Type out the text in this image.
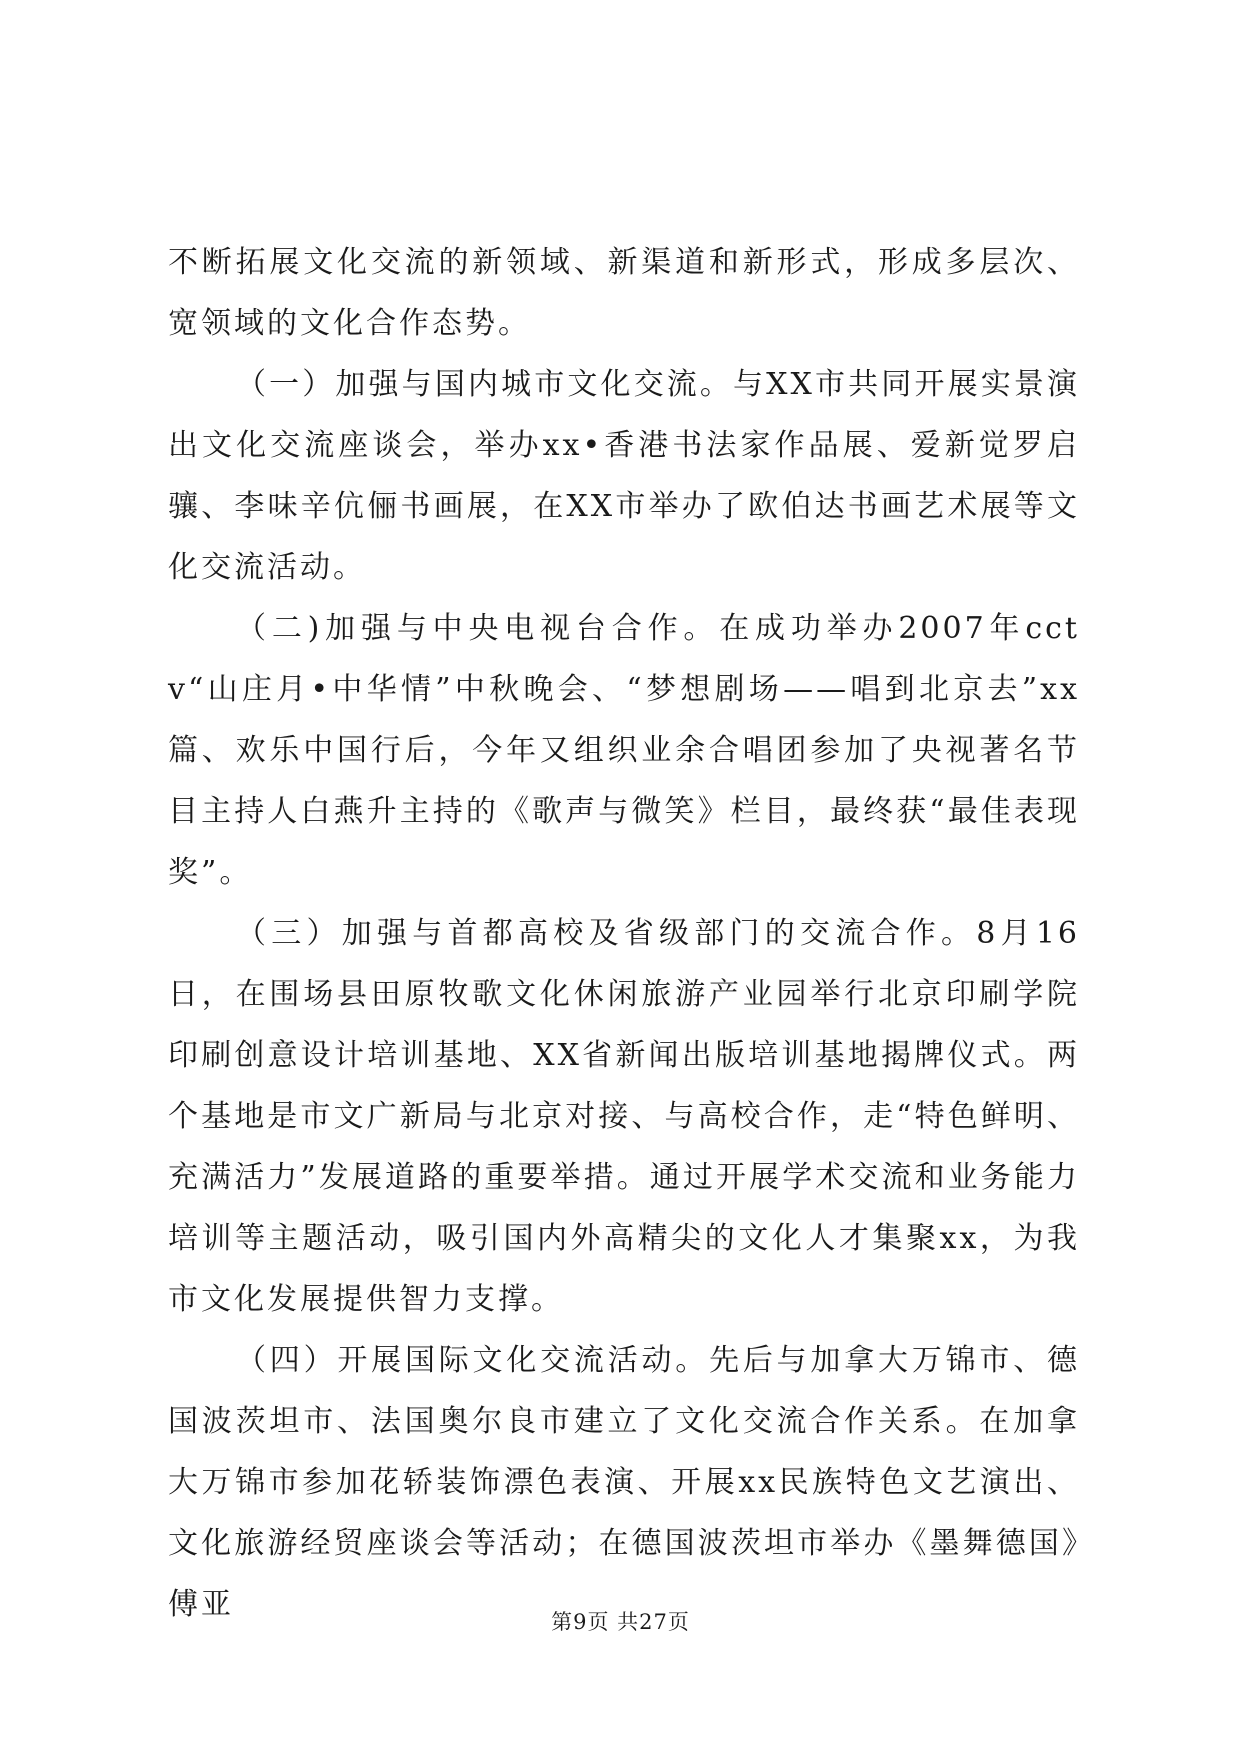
不断拓展文化交流的新领域、新渠道和新形式，形成多层次、宽领域的文化合作态势。

（一）加强与国内城市文化交流。与XX市共同开展实景演出文化交流座谈会，举办xx•香港书法家作品展、爱新觉罗启骧、李味辛伉俪书画展，在XX市举办了欧伯达书画艺术展等文化交流活动。

（二)加强与中央电视台合作。在成功举办2007年cctv“山庄月•中华情”中秋晚会、“梦想剧场——唱到北京去”xx篇、欢乐中国行后，今年又组织业余合唱团参加了央视著名节目主持人白燕升主持的《歌声与微笑》栏目，最终获“最佳表现奖”。

（三）加强与首都高校及省级部门的交流合作。8月16日，在围场县田原牧歌文化休闲旅游产业园举行北京印刷学院印刷创意设计培训基地、XX省新闻出版培训基地揭牌仪式。两个基地是市文广新局与北京对接、与高校合作，走“特色鲜明、充满活力”发展道路的重要举措。通过开展学术交流和业务能力培训等主题活动，吸引国内外高精尖的文化人才集聚xx，为我市文化发展提供智力支撑。

（四）开展国际文化交流活动。先后与加拿大万锦市、德国波茨坦市、法国奥尔良市建立了文化交流合作关系。在加拿大万锦市参加花轿装饰漂色表演、开展xx民族特色文艺演出、文化旅游经贸座谈会等活动；在德国波茨坦市举办《墨舞德国》傅亚	第9页 共27页
